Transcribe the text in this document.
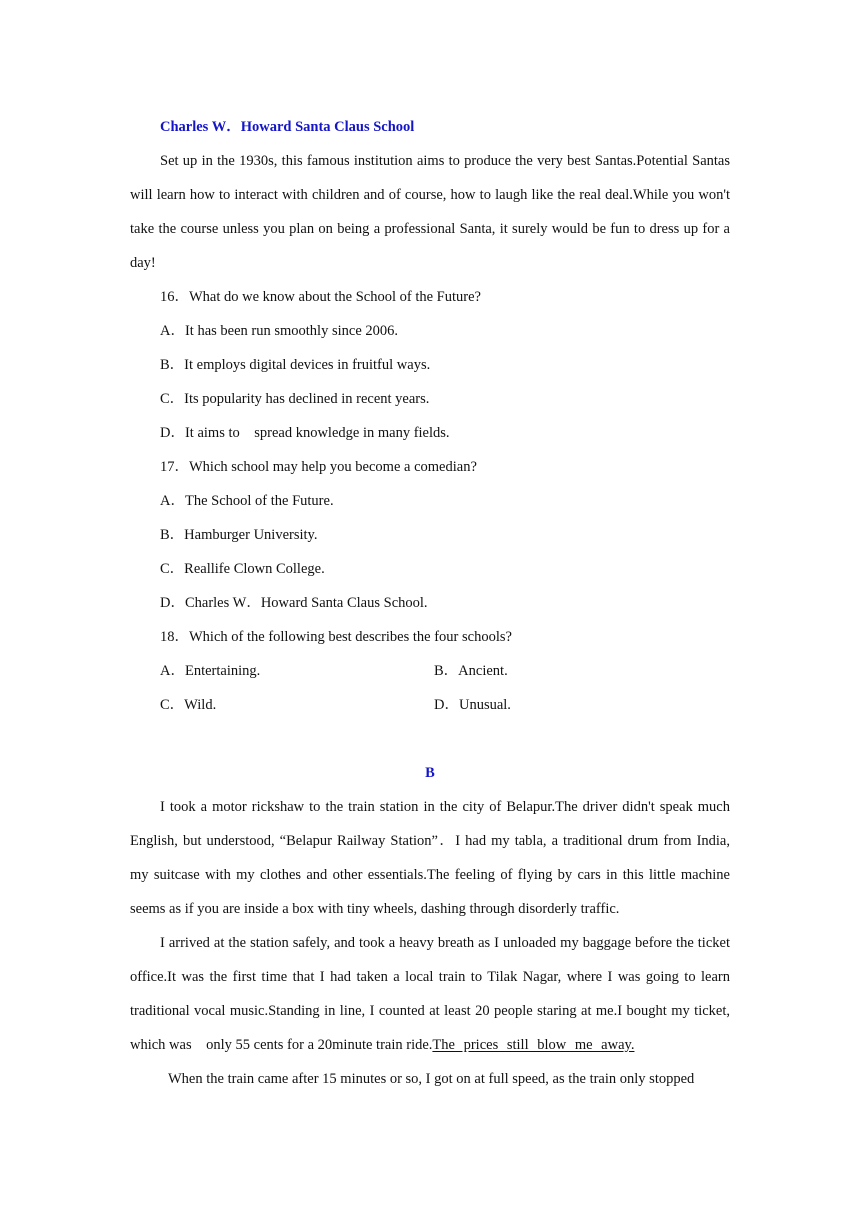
Charles W．Howard Santa Claus School
Set up in the 1930s, this famous institution aims to produce the very best Santas.Potential Santas will learn how to interact with children and of course, how to laugh like the real deal.While you won't take the course unless you plan on being a professional Santa, it surely would be fun to dress up for a day!
16．What do we know about the School of the Future?
A．It has been run smoothly since 2006.
B．It employs digital devices in fruitful ways.
C．Its popularity has declined in recent years.
D．It aims to　spread knowledge in many fields.
17．Which school may help you become a comedian?
A．The School of the Future.
B．Hamburger University.
C．Reallife Clown College.
D．Charles W．Howard Santa Claus School.
18．Which of the following best describes the four schools?
A．Entertaining.	B．Ancient.
C．Wild.	D．Unusual.
B
I took a motor rickshaw to the train station in the city of Belapur.The driver didn't speak much English, but understood, “Belapur Railway Station”．I had my tabla, a traditional drum from India, my suitcase with my clothes and other essentials.The feeling of flying by cars in this little machine seems as if you are inside a box with tiny wheels, dashing through disorderly traffic.
I arrived at the station safely, and took a heavy breath as I unloaded my baggage before the ticket office.It was the first time that I had taken a local train to Tilak Nagar, where I was going to learn traditional vocal music.Standing in line, I counted at least 20 people staring at me.I bought my ticket, which was　only 55 cents for a 20minute train ride.The prices still blow me away.
When the train came after 15 minutes or so, I got on at full speed, as the train only stopped
